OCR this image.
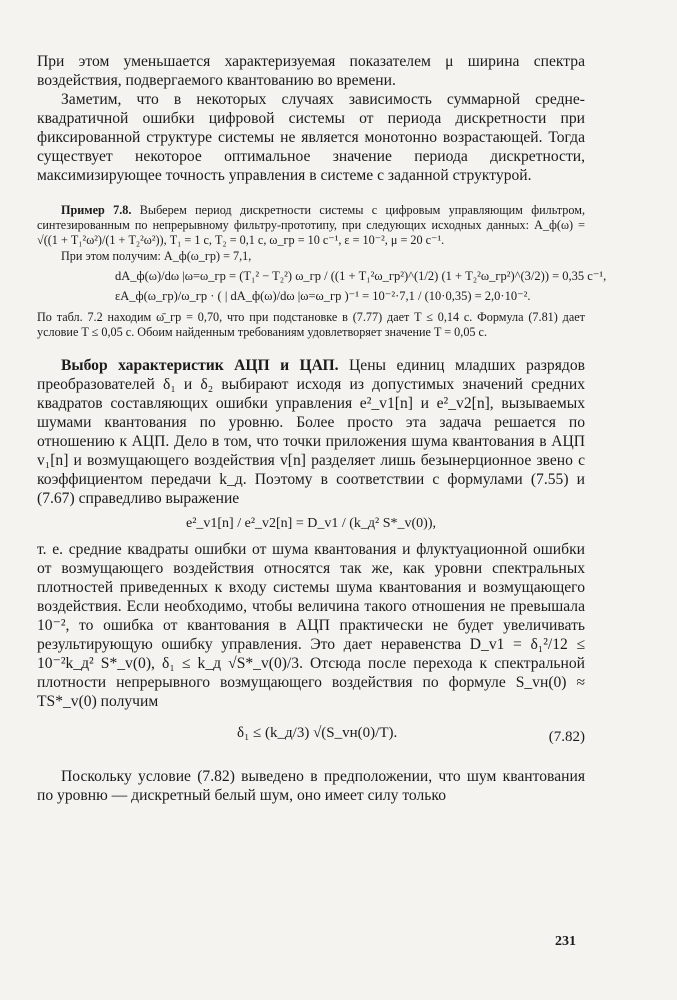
При этом уменьшается характеризуемая показателем μ ширина спектра воздействия, подвергаемого квантованию во времени.

Заметим, что в некоторых случаях зависимость суммарной средне-квадратичной ошибки цифровой системы от периода дискретности при фиксированной структуре системы не является монотонно возрастающей. Тогда существует некоторое оптимальное значение периода дискретности, максимизирующее точность управления в системе с заданной структурой.

Пример 7.8. Выберем период дискретности системы с цифровым управляющим фильтром, синтезированным по непрерывному фильтру-прототипу, при следующих исходных данных: A_ф(ω) = √((1 + T₁²ω²)/(1 + T₂²ω²)), T₁ = 1 с, T₂ = 0,1 с, ω_гр = 10 с⁻¹, ε = 10⁻², μ = 20 с⁻¹.

При этом получим: A_ф(ω_гр) = 7,1,

dA_ф(ω)/dω |ω=ω_гр = (T₁² − T₂²) ω_гр / ((1 + T₁²ω_гр²)^(1/2) (1 + T₂²ω_гр²)^(3/2)) = 0,35 с⁻¹,
εA_ф(ω_гр)/ω_гр · ( | dA_ф(ω)/dω |ω=ω_гр )⁻¹ = 10⁻²·7,1 / (10·0,35) = 2,0·10⁻².

По табл. 7.2 находим ω̄_гр = 0,70, что при подстановке в (7.77) дает T ≤ 0,14 с. Формула (7.81) дает условие T ≤ 0,05 с. Обоим найденным требованиям удовлетворяет значение T = 0,05 с.

Выбор характеристик АЦП и ЦАП. Цены единиц младших разрядов преобразователей δ₁ и δ₂ выбирают исходя из допустимых значений средних квадратов составляющих ошибки управления e²_v1[n] и e²_v2[n], вызываемых шумами квантования по уровню. Более просто эта задача решается по отношению к АЦП. Дело в том, что точки приложения шума квантования в АЦП v₁[n] и возмущающего воздействия v[n] разделяет лишь безынерционное звено с коэффициентом передачи k_д. Поэтому в соответствии с формулами (7.55) и (7.67) справедливо выражение

e²_v1[n] / e²_v2[n] = D_v1 / (k_д² S*_v(0)),

т. е. средние квадраты ошибки от шума квантования и флуктуационной ошибки от возмущающего воздействия относятся так же, как уровни спектральных плотностей приведенных к входу системы шума квантования и возмущающего воздействия. Если необходимо, чтобы величина такого отношения не превышала 10⁻², то ошибка от квантования в АЦП практически не будет увеличивать результирующую ошибку управления. Это дает неравенства D_v1 = δ₁²/12 ≤ 10⁻²k_д² S*_v(0), δ₁ ≤ k_д √S*_v(0)/3. Отсюда после перехода к спектральной плотности непрерывного возмущающего воздействия по формуле S_vн(0) ≈ TS*_v(0) получим

δ₁ ≤ (k_д/3) √(S_vн(0)/T).	(7.82)

Поскольку условие (7.82) выведено в предположении, что шум квантования по уровню — дискретный белый шум, оно имеет силу только

231
